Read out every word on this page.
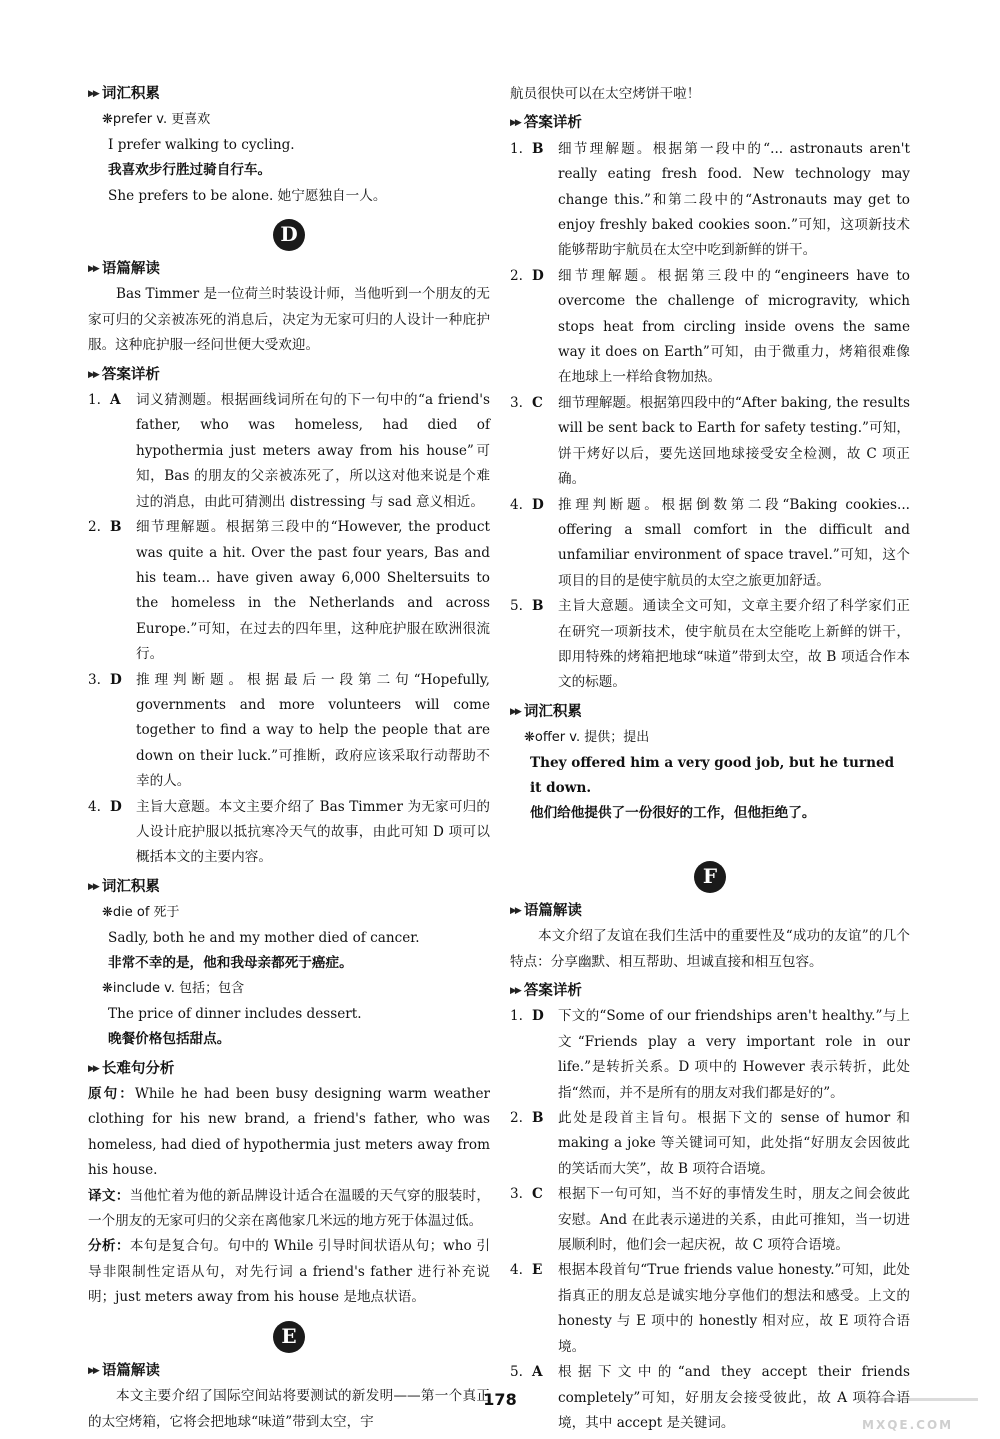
▶▶ 词汇积累
❋prefer v. 更喜欢
I prefer walking to cycling.
我喜欢步行胜过骑自行车。
She prefers to be alone. 她宁愿独自一人。
D
▶▶ 语篇解读
Bas Timmer 是一位荷兰时装设计师，当他听到一个朋友的无家可归的父亲被冻死的消息后，决定为无家可归的人设计一种庇护服。这种庇护服一经问世便大受欢迎。
▶▶ 答案详析
1. A	词义猜测题。根据画线词所在句的下一句中的“a friend's father, who was homeless, had died of hypothermia just meters away from his house”可知，Bas 的朋友的父亲被冻死了，所以这对他来说是个难过的消息，由此可猜测出 distressing 与 sad 意义相近。
2. B	细节理解题。根据第三段中的“However, the product was quite a hit. Over the past four years, Bas and his team... have given away 6,000 Sheltersuits to the homeless in the Netherlands and across Europe.”可知，在过去的四年里，这种庇护服在欧洲很流行。
3. D	推理判断题。根据最后一段第二句“Hopefully, governments and more volunteers will come together to find a way to help the people that are down on their luck.”可推断，政府应该采取行动帮助不幸的人。
4. D	主旨大意题。本文主要介绍了 Bas Timmer 为无家可归的人设计庇护服以抵抗寒冷天气的故事，由此可知 D 项可以概括本文的主要内容。
▶▶ 词汇积累
❋die of 死于
Sadly, both he and my mother died of cancer.
非常不幸的是，他和我母亲都死于癌症。
❋include v. 包括；包含
The price of dinner includes dessert.
晚餐价格包括甜点。
▶▶ 长难句分析
原句：While he had been busy designing warm weather clothing for his new brand, a friend's father, who was homeless, had died of hypothermia just meters away from his house.
译文：当他忙着为他的新品牌设计适合在温暖的天气穿的服装时，一个朋友的无家可归的父亲在离他家几米远的地方死于体温过低。
分析：本句是复合句。句中的 While 引导时间状语从句；who 引导非限制性定语从句，对先行词 a friend's father 进行补充说明；just meters away from his house 是地点状语。
E
▶▶ 语篇解读
本文主要介绍了国际空间站将要测试的新发明——第一个真正的太空烤箱，它将会把地球“味道”带到太空，宇
航员很快可以在太空烤饼干啦！
▶▶ 答案详析
1. B	细节理解题。根据第一段中的“... astronauts aren't really eating fresh food. New technology may change this.”和第二段中的“Astronauts may get to enjoy freshly baked cookies soon.”可知，这项新技术能够帮助宇航员在太空中吃到新鲜的饼干。
2. D	细节理解题。根据第三段中的“engineers have to overcome the challenge of microgravity, which stops heat from circling inside ovens the same way it does on Earth”可知，由于微重力，烤箱很难像在地球上一样给食物加热。
3. C	细节理解题。根据第四段中的“After baking, the results will be sent back to Earth for safety testing.”可知，饼干烤好以后，要先送回地球接受安全检测，故 C 项正确。
4. D	推理判断题。根据倒数第二段“Baking cookies... offering a small comfort in the difficult and unfamiliar environment of space travel.”可知，这个项目的目的是使宇航员的太空之旅更加舒适。
5. B	主旨大意题。通读全文可知，文章主要介绍了科学家们正在研究一项新技术，使宇航员在太空能吃上新鲜的饼干，即用特殊的烤箱把地球“味道”带到太空，故 B 项适合作本文的标题。
▶▶ 词汇积累
❋offer v. 提供；提出
They offered him a very good job, but he turned it down.
他们给他提供了一份很好的工作，但他拒绝了。
F
▶▶ 语篇解读
本文介绍了友谊在我们生活中的重要性及“成功的友谊”的几个特点：分享幽默、相互帮助、坦诚直接和相互包容。
▶▶ 答案详析
1. D	下文的“Some of our friendships aren't healthy.”与上文“Friends play a very important role in our life.”是转折关系。D 项中的 However 表示转折，此处指“然而，并不是所有的朋友对我们都是好的”。
2. B	此处是段首主旨句。根据下文的 sense of humor 和 making a joke 等关键词可知，此处指“好朋友会因彼此的笑话而大笑”，故 B 项符合语境。
3. C	根据下一句可知，当不好的事情发生时，朋友之间会彼此安慰。And 在此表示递进的关系，由此可推知，当一切进展顺利时，他们会一起庆祝，故 C 项符合语境。
4. E	根据本段首句“True friends value honesty.”可知，此处指真正的朋友总是诚实地分享他们的想法和感受。上文的 honesty 与 E 项中的 honestly 相对应，故 E 项符合语境。
5. A	根据下文中的“and they accept their friends completely”可知，好朋友会接受彼此，故 A 项符合语境，其中 accept 是关键词。
178
MXQE.COM
